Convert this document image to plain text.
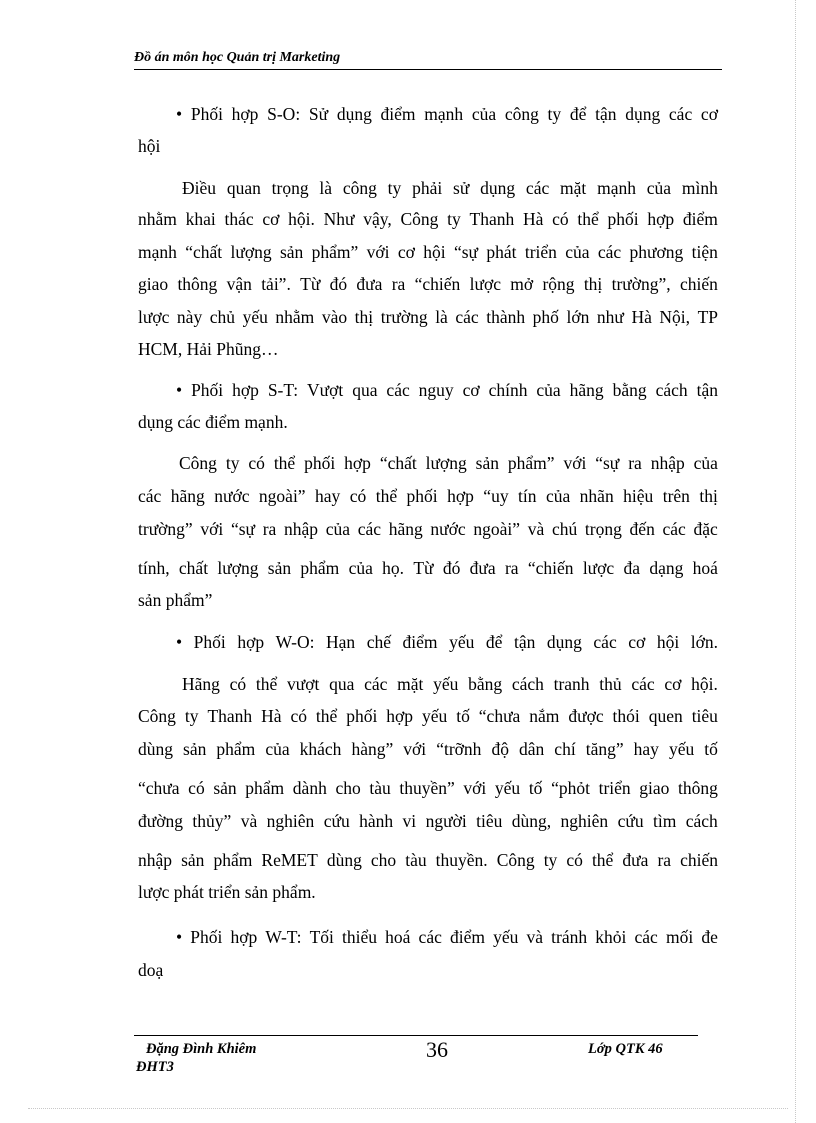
Đồ án môn học Quản trị Marketing
• Phối hợp S-O: Sử dụng điểm mạnh của công ty để tận dụng các cơ
hội

Điều quan trọng là công ty phải sử dụng các mặt mạnh của mình
nhằm khai thác cơ hội. Như vậy, Công ty Thanh Hà có thể phối hợp điểm
mạnh “chất lượng sản phẩm” với cơ hội “sự phát triển của các phương tiện
giao thông vận tải”. Từ đó đưa ra “chiến lược mở rộng thị trường”, chiến
lược này chủ yếu nhằm vào thị trường là các thành phố lớn như Hà Nội, TP
HCM,
Hải
Phũng…

• Phối hợp S-T: Vượt qua các nguy cơ chính của hãng bằng cách tận
dụng
các
điểm
mạnh.

Công ty có thể phối hợp “chất lượng sản phẩm” với “sự ra nhập của
các hãng nước ngoài” hay có thể phối hợp “uy tín của nhãn hiệu trên thị
trường” với “sự ra nhập của các hãng nước ngoài” và chú trọng đến các đặc
tính, chất lượng sản phẩm của họ. Từ đó đưa ra “chiến lược đa dạng hoá
sản
phẩm”

• Phối hợp W-O: Hạn chế điểm yếu để tận dụng các cơ hội lớn.
Hãng có thể vượt qua các mặt yếu bằng cách tranh thủ các cơ hội.
Công ty Thanh Hà có thể phối hợp yếu tố “chưa nắm được thói quen tiêu
dùng sản phẩm của khách hàng” với “trỡnh độ dân chí tăng” hay yếu tố
“chưa có sản phẩm dành cho tàu thuyền” với yếu tố “phỏt triển giao thông
đường thủy” và nghiên cứu hành vi người tiêu dùng, nghiên cứu tìm cách
nhập sản phẩm ReMET dùng cho tàu thuyền. Công ty có thể đưa ra chiến
lược
phát
triển
sản
phẩm.

• Phối hợp W-T: Tối thiểu hoá các điểm yếu và tránh khỏi các mối đe
doạ

Đặng Đình Khiêm
ĐHT3
36	Lớp QTK 46
